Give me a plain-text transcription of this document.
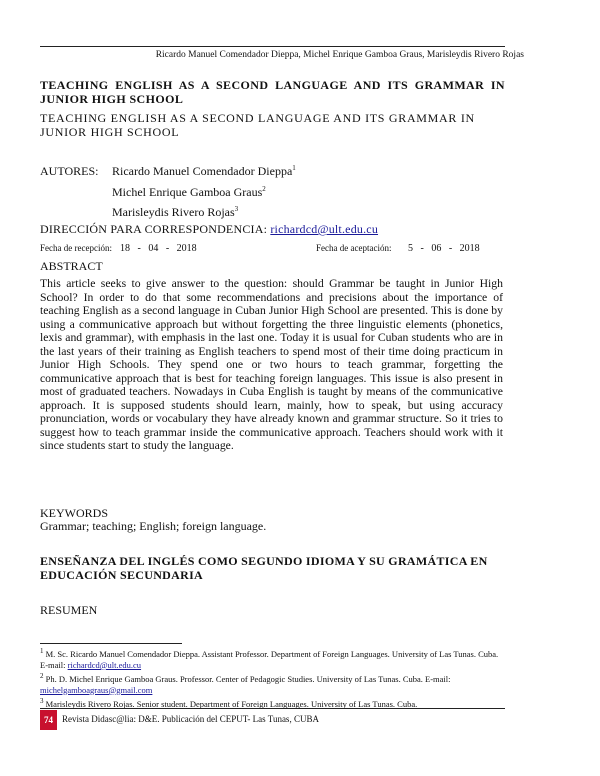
Ricardo Manuel Comendador Dieppa, Michel Enrique Gamboa Graus, Marisleydis Rivero Rojas
TEACHING ENGLISH AS A SECOND LANGUAGE AND ITS GRAMMAR IN JUNIOR HIGH SCHOOL
TEACHING ENGLISH AS A SECOND LANGUAGE AND ITS GRAMMAR IN JUNIOR HIGH SCHOOL
AUTORES: Ricardo Manuel Comendador Dieppa$^1$
Michel Enrique Gamboa Graus$^2$
Marisleydis Rivero Rojas$^3$
DIRECCIÓN PARA CORRESPONDENCIA: richardcd@ult.edu.cu
Fecha de recepción: 18   -   04   -   2018	Fecha de aceptación: 5   -   06   -   2018
ABSTRACT
This article seeks to give answer to the question: should Grammar be taught in Junior High School? In order to do that some recommendations and precisions about the importance of teaching English as a second language in Cuban Junior High School are presented. This is done by using a communicative approach but without forgetting the three linguistic elements (phonetics, lexis and grammar), with emphasis in the last one. Today it is usual for Cuban students who are in the last years of their training as English teachers to spend most of their time doing practicum in Junior High Schools. They spend one or two hours to teach grammar, forgetting the communicative approach that is best for teaching foreign languages. This issue is also present in most of graduated teachers. Nowadays in Cuba English is taught by means of the communicative approach. It is supposed students should learn, mainly, how to speak, but using accuracy pronunciation, words or vocabulary they have already known and grammar structure. So it tries to suggest how to teach grammar inside the communicative approach. Teachers should work with it since students start to study the language.
KEYWORDS
Grammar; teaching; English; foreign language.
ENSEÑANZA DEL INGLÉS COMO SEGUNDO IDIOMA Y SU GRAMÁTICA EN EDUCACIÓN SECUNDARIA
RESUMEN

$^1$ M. Sc. Ricardo Manuel Comendador Dieppa. Assistant Professor. Department of Foreign Languages. University of Las Tunas. Cuba. E-mail: richardcd@ult.edu.cu

$^2$ Ph. D. Michel Enrique Gamboa Graus. Professor. Center of Pedagogic Studies. University of Las Tunas. Cuba. E-mail: michelgamboagraus@gmail.com

$^3$ Marisleydis Rivero Rojas. Senior student. Department of Foreign Languages. University of Las Tunas. Cuba.

74	Revista Didasc@lia: D&E. Publicación del CEPUT- Las Tunas, CUBA
